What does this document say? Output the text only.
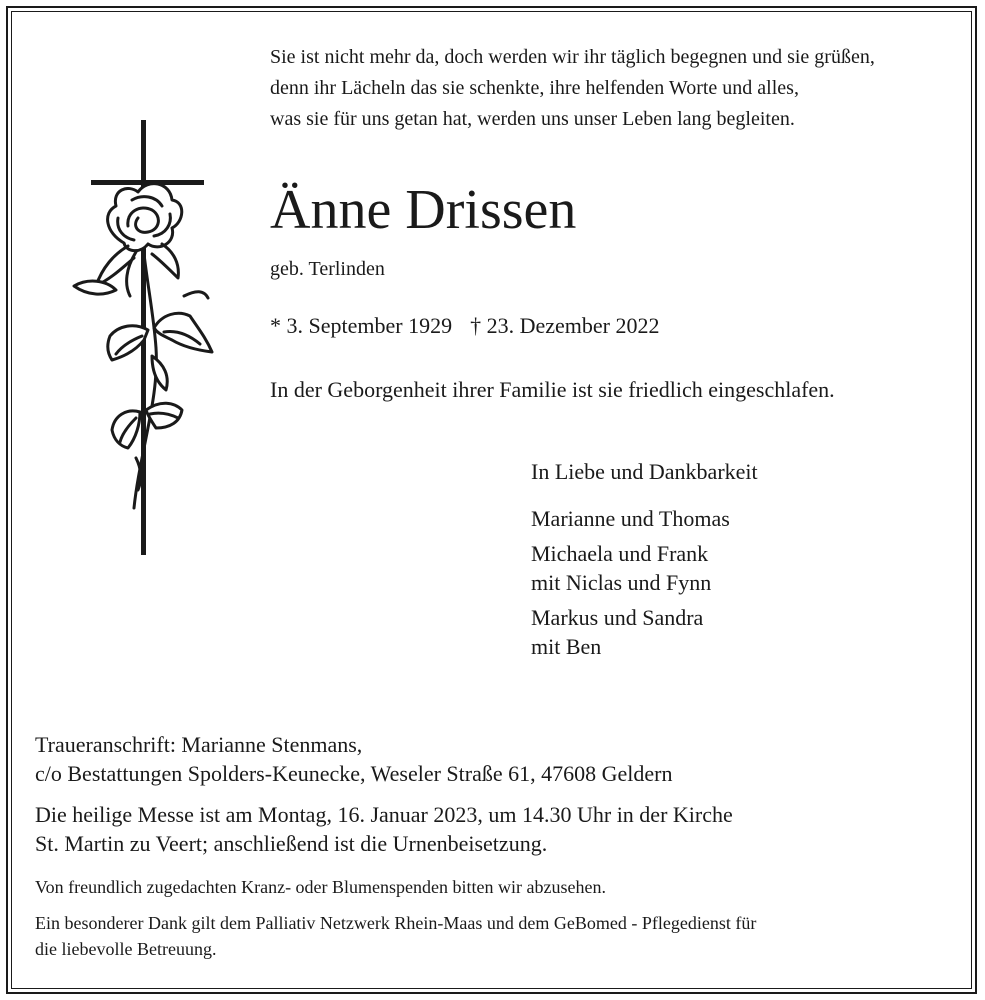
Sie ist nicht mehr da, doch werden wir ihr täglich begegnen und sie grüßen,
denn ihr Lächeln das sie schenkte, ihre helfenden Worte und alles,
was sie für uns getan hat, werden uns unser Leben lang begleiten.
Änne Drissen
geb. Terlinden
* 3. September 1929 † 23. Dezember 2022
In der Geborgenheit ihrer Familie ist sie friedlich eingeschlafen.
In Liebe und Dankbarkeit
Marianne und Thomas
Michaela und Frank
mit Niclas und Fynn
Markus und Sandra
mit Ben
Traueranschrift: Marianne Stenmans,
c/o Bestattungen Spolders-Keunecke, Weseler Straße 61, 47608 Geldern
Die heilige Messe ist am Montag, 16. Januar 2023, um 14.30 Uhr in der Kirche
St. Martin zu Veert; anschließend ist die Urnenbeisetzung.
Von freundlich zugedachten Kranz- oder Blumenspenden bitten wir abzusehen.
Ein besonderer Dank gilt dem Palliativ Netzwerk Rhein-Maas und dem GeBomed - Pflegedienst für
die liebevolle Betreuung.
